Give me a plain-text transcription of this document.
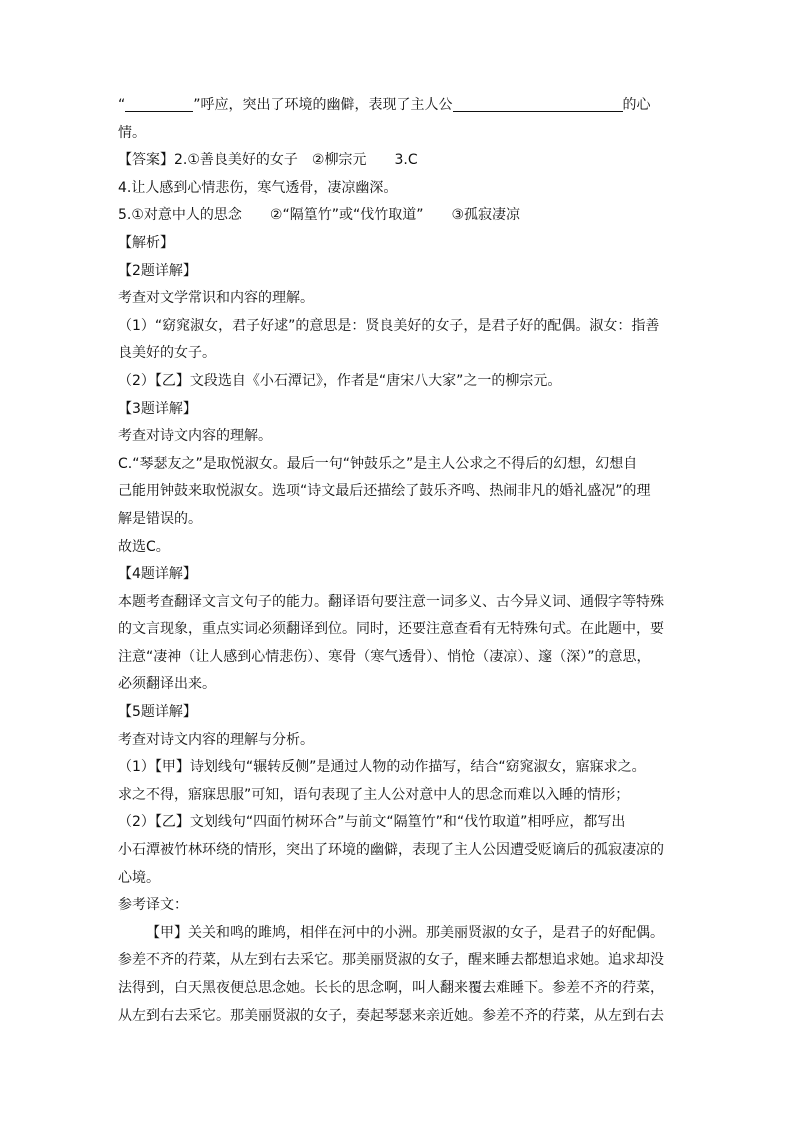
“	”呼应，突出了环境的幽僻，表现了主人公	的心
情。
【答案】2.①善良美好的女子　②柳宗元　　3.C
4.让人感到心情悲伤，寒气透骨，凄凉幽深。
5.①对意中人的思念　　②“隔篁竹”或“伐竹取道”　　③孤寂凄凉
【解析】
【2题详解】
考查对文学常识和内容的理解。
（1）“窈窕淑女，君子好逑”的意思是：贤良美好的女子，是君子好的配偶。淑女：指善
良美好的女子。
（2）【乙】文段选自《小石潭记》，作者是“唐宋八大家”之一的柳宗元。
【3题详解】
考查对诗文内容的理解。
C.“琴瑟友之”是取悦淑女。最后一句“钟鼓乐之”是主人公求之不得后的幻想，幻想自
己能用钟鼓来取悦淑女。选项“诗文最后还描绘了鼓乐齐鸣、热闹非凡的婚礼盛况”的理
解是错误的。
故选C。
【4题详解】
本题考查翻译文言文句子的能力。翻译语句要注意一词多义、古今异义词、通假字等特殊
的文言现象，重点实词必须翻译到位。同时，还要注意查看有无特殊句式。在此题中，要
注意“凄神（让人感到心情悲伤）、寒骨（寒气透骨）、悄怆（凄凉）、邃（深）”的意思，
必须翻译出来。
【5题详解】
考查对诗文内容的理解与分析。
（1）【甲】诗划线句“辗转反侧”是通过人物的动作描写，结合“窈窕淑女，寤寐求之。
求之不得，寤寐思服”可知，语句表现了主人公对意中人的思念而难以入睡的情形；
（2）【乙】文划线句“四面竹树环合”与前文“隔篁竹”和“伐竹取道”相呼应，都写出
小石潭被竹林环绕的情形，突出了环境的幽僻，表现了主人公因遭受贬谪后的孤寂凄凉的
心境。
参考译文：
【甲】关关和鸣的雎鸠，相伴在河中的小洲。那美丽贤淑的女子，是君子的好配偶。
参差不齐的荇菜，从左到右去采它。那美丽贤淑的女子，醒来睡去都想追求她。追求却没
法得到，白天黑夜便总思念她。长长的思念啊，叫人翻来覆去难睡下。参差不齐的荇菜，
从左到右去采它。那美丽贤淑的女子，奏起琴瑟来亲近她。参差不齐的荇菜，从左到右去
